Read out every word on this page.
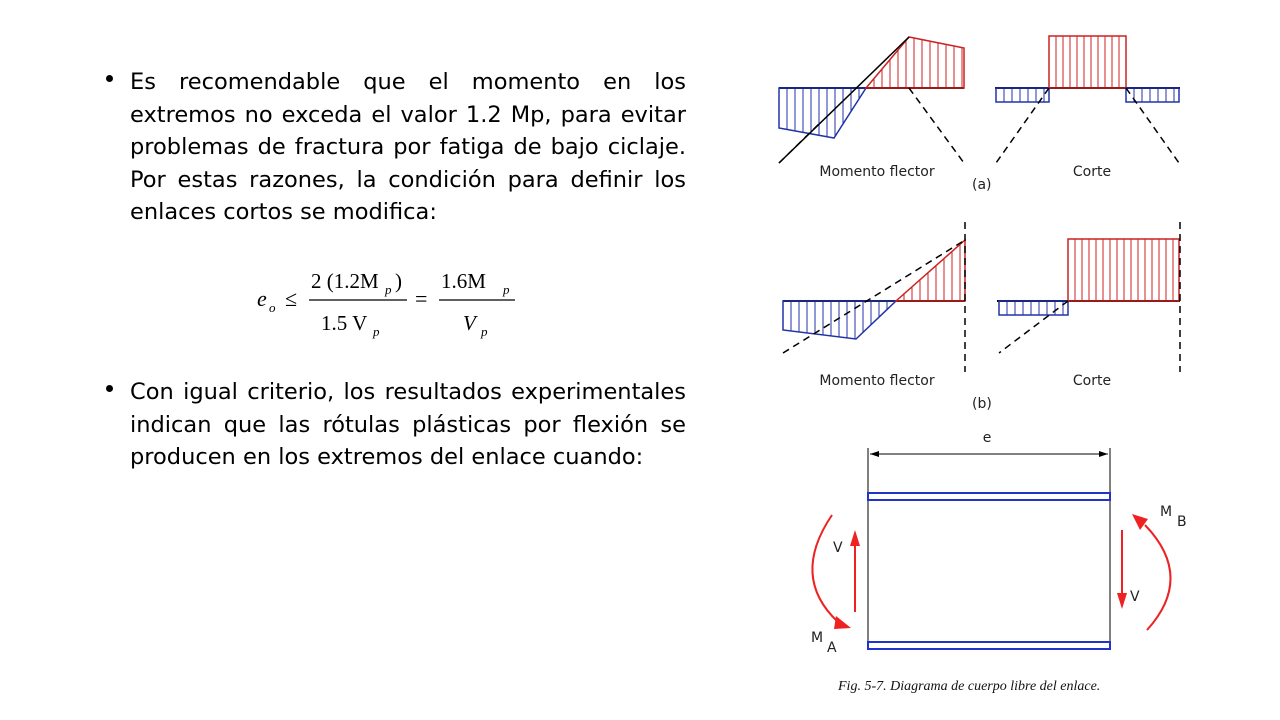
Es recomendable que el momento en los extremos no exceda el valor 1.2 Mp, para evitar problemas de fractura por fatiga de bajo ciclaje. Por estas razones, la condición para definir los enlaces cortos se modifica:
e o ≤
2 (1.2M p )
1.5 V p
=
1.6M p
V p
Con igual criterio, los resultados experimentales indican que las rótulas plásticas por flexión se producen en los extremos del enlace cuando:
Momento flector	Corte
(a)
Momento flector	Corte
(b)
e
V
V
M
A
M
B
Fig. 5-7. Diagrama de cuerpo libre del enlace.
